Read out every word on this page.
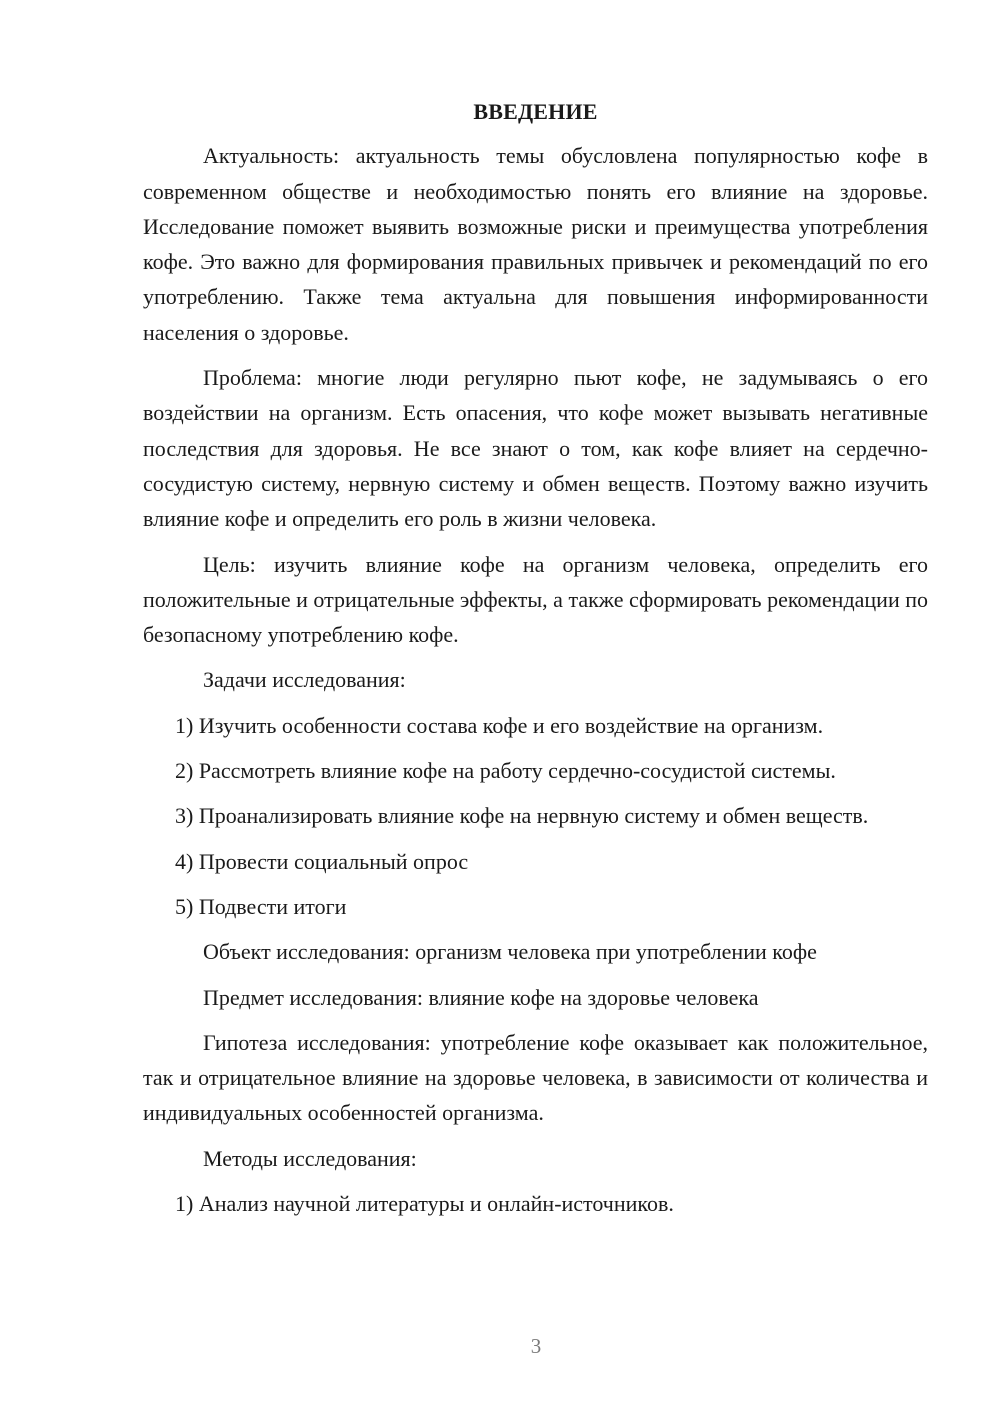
ВВЕДЕНИЕ

Актуальность: актуальность темы обусловлена популярностью кофе в современном обществе и необходимостью понять его влияние на здоровье. Исследование поможет выявить возможные риски и преимущества употребления кофе. Это важно для формирования правильных привычек и рекомендаций по его употреблению. Также тема актуальна для повышения информированности населения о здоровье.

Проблема: многие люди регулярно пьют кофе, не задумываясь о его воздействии на организм. Есть опасения, что кофе может вызывать негативные последствия для здоровья. Не все знают о том, как кофе влияет на сердечно-сосудистую систему, нервную систему и обмен веществ. Поэтому важно изучить влияние кофе и определить его роль в жизни человека.

Цель: изучить влияние кофе на организм человека, определить его положительные и отрицательные эффекты, а также сформировать рекомендации по безопасному употреблению кофе.

Задачи исследования:

1) Изучить особенности состава кофе и его воздействие на организм.

2) Рассмотреть влияние кофе на работу сердечно-сосудистой системы.

3) Проанализировать влияние кофе на нервную систему и обмен веществ.

4) Провести социальный опрос

5) Подвести итоги

Объект исследования: организм человека при употреблении кофе

Предмет исследования: влияние кофе на здоровье человека

Гипотеза исследования: употребление кофе оказывает как положительное, так и отрицательное влияние на здоровье человека, в зависимости от количества и индивидуальных особенностей организма.

Методы исследования:

1) Анализ научной литературы и онлайн-источников.

3
